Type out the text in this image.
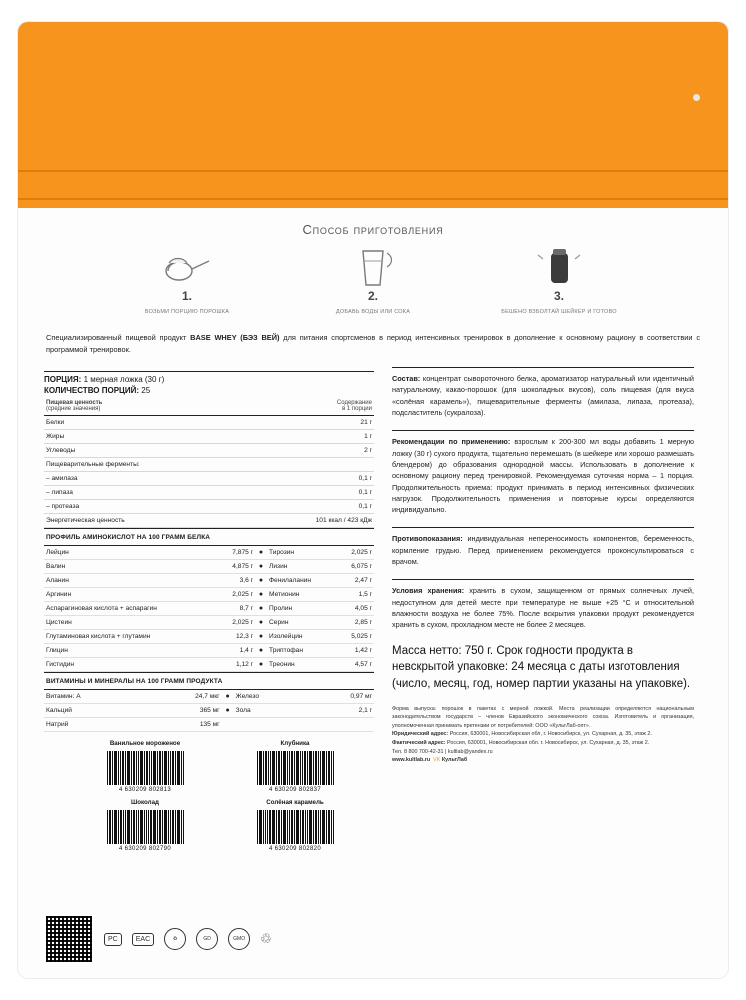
Способ приготовления
1.
ВОЗЬМИ ПОРЦИЮ ПОРОШКА
2.
ДОБАВЬ ВОДЫ ИЛИ СОКА
3.
БЕШЕНО ВЗБОЛТАЙ ШЕЙКЕР И ГОТОВО
Специализированный пищевой продукт BASE WHEY (БЭЗ ВЕЙ) для питания спортсменов в период интенсивных тренировок в дополнение к основному рациону в соответствии с программой тренировок.
ПОРЦИЯ: 1 мерная ложка (30 г)
КОЛИЧЕСТВО ПОРЦИЙ: 25
Пищевая ценность
(средние значения)	Содержание
в 1 порции
Белки	21 г
Жиры	1 г
Углеводы	2 г
Пищеварительные ферменты:	
– амилаза	0,1 г
– липаза	0,1 г
– протеаза	0,1 г
Энергетическая ценность	101 ккал / 423 кДж
ПРОФИЛЬ АМИНОКИСЛОТ НА 100 ГРАММ БЕЛКА
Лейцин	7,875 г	●	Тирозин	2,025 г
Валин	4,875 г	●	Лизин	6,075 г
Аланин	3,6 г	●	Фенилаланин	2,47 г
Аргинин	2,025 г	●	Метионин	1,5 г
Аспарагиновая кислота + аспарагин	8,7 г	●	Пролин	4,05 г
Цистеин	2,025 г	●	Серин	2,85 г
Глутаминовая кислота + глутамин	12,3 г	●	Изолейцин	5,025 г
Глицин	1,4 г	●	Триптофан	1,42 г
Гистидин	1,12 г	●	Треонин	4,57 г
ВИТАМИНЫ И МИНЕРАЛЫ НА 100 ГРАММ ПРОДУКТА
Витамин: А	24,7 мкг	●	Железо	0,97 мг
Кальций	365 мг	●	Зола	2,1 г
Натрий	135 мг			
Ванильное мороженое
4 630209 802813
Клубника
4 630209 802837
Шоколад
4 630209 802790
Солёная карамель
4 630209 802820
Состав: концентрат сывороточного белка, ароматизатор натуральный или идентичный натуральному, какао-порошок (для шоколадных вкусов), соль пищевая (для вкуса «солёная карамель»), пищеварительные ферменты (амилаза, липаза, протеаза), подсластитель (сукралоза).
Рекомендации по применению: взрослым к 200-300 мл воды добавить 1 мерную ложку (30 г) сухого продукта, тщательно перемешать (в шейкере или хорошо размешать блендером) до образования однородной массы. Использовать в дополнение к основному рациону перед тренировкой. Рекомендуемая суточная норма – 1 порция. Продолжительность приема: продукт принимать в период интенсивных физических нагрузок. Продолжительность применения и повторные курсы определяются индивидуально.
Противопоказания: индивидуальная непереносимость компонентов, беременность, кормление грудью. Перед применением рекомендуется проконсультироваться с врачом.
Условия хранения: хранить в сухом, защищенном от прямых солнечных лучей, недоступном для детей месте при температуре не выше +25 °С и относительной влажности воздуха не более 75%. После вскрытия упаковки продукт рекомендуется хранить в сухом, прохладном месте не более 2 месяцев.
Масса нетто: 750 г. Срок годности продукта в невскрытой упаковке: 24 месяца с даты изготовления (число, месяц, год, номер партии указаны на упаковке).
Форма выпуска: порошок в пакетах с мерной ложкой. Места реализации определяются национальным законодательством государств – членов Евразийского экономического союза. Изготовитель и организация, уполномоченная принимать претензии от потребителей: ООО «КультЛаб-опт».
Юридический адрес: Россия, 630001, Новосибирская обл, г. Новосибирск, ул. Сухарная, д. 35, этаж 2.
Фактический адрес: Россия, 630001, Новосибирская обл. г. Новосибирск, ул. Сухарная, д. 35, этаж 2.
Тел. 8 800 700-42-31 | kultlab@yandex.ru
www.kultlab.ru VK КультЛаб
PC	EAC	♻	GD	GMO	♲
